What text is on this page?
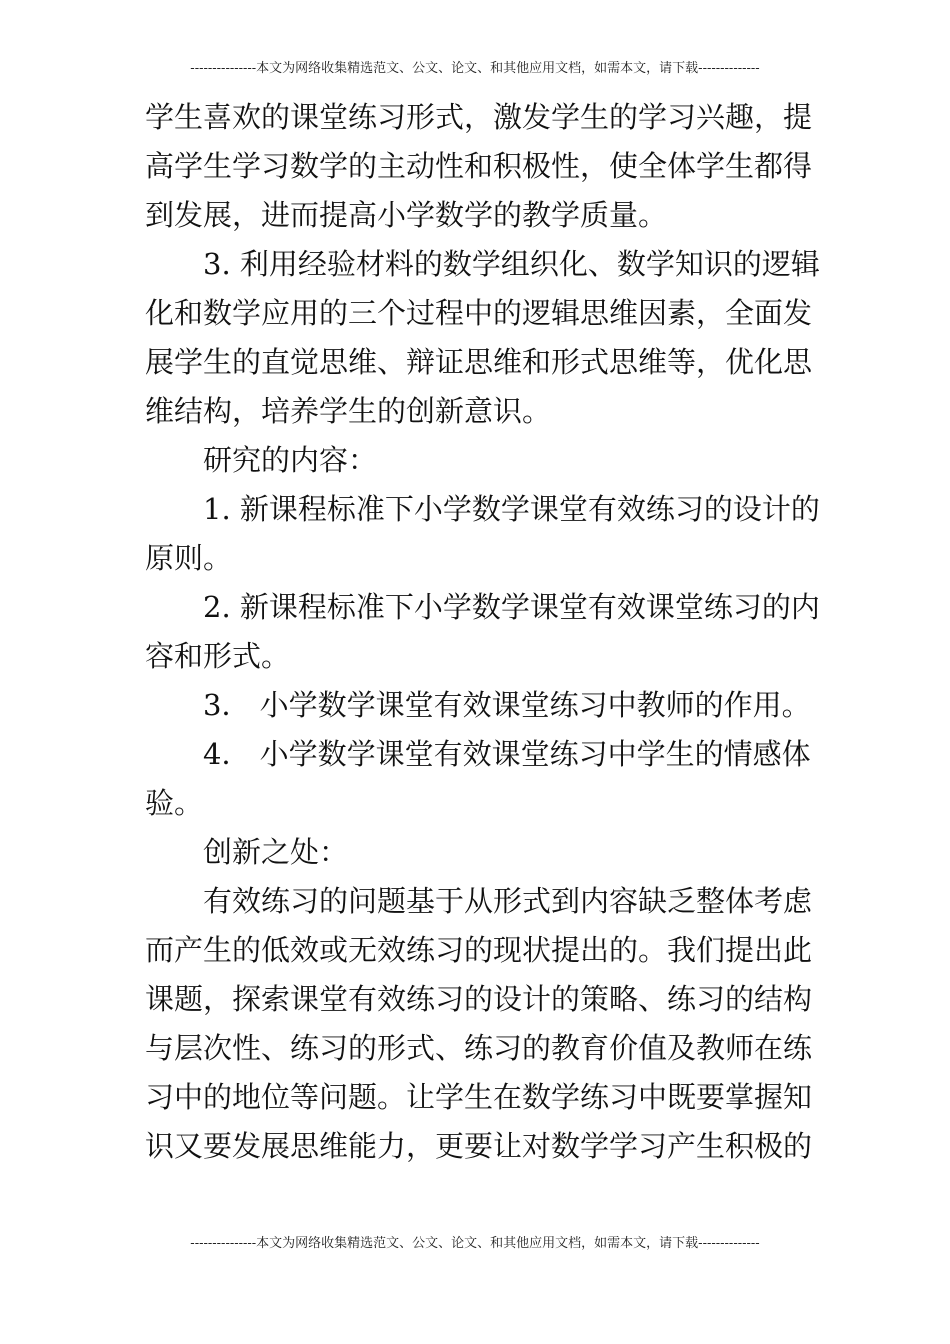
---------------本文为网络收集精选范文、公文、论文、和其他应用文档，如需本文，请下载--------------
学生喜欢的课堂练习形式，激发学生的学习兴趣，提
高学生学习数学的主动性和积极性，使全体学生都得
到发展，进而提高小学数学的教学质量。
3. 利用经验材料的数学组织化、数学知识的逻辑
化和数学应用的三个过程中的逻辑思维因素，全面发
展学生的直觉思维、辩证思维和形式思维等，优化思
维结构，培养学生的创新意识。
研究的内容：
1. 新课程标准下小学数学课堂有效练习的设计的
原则。
2. 新课程标准下小学数学课堂有效课堂练习的内
容和形式。
3． 小学数学课堂有效课堂练习中教师的作用。
4． 小学数学课堂有效课堂练习中学生的情感体
验。
创新之处：
有效练习的问题基于从形式到内容缺乏整体考虑
而产生的低效或无效练习的现状提出的。我们提出此
课题，探索课堂有效练习的设计的策略、练习的结构
与层次性、练习的形式、练习的教育价值及教师在练
习中的地位等问题。让学生在数学练习中既要掌握知
识又要发展思维能力，更要让对数学学习产生积极的
---------------本文为网络收集精选范文、公文、论文、和其他应用文档，如需本文，请下载--------------
